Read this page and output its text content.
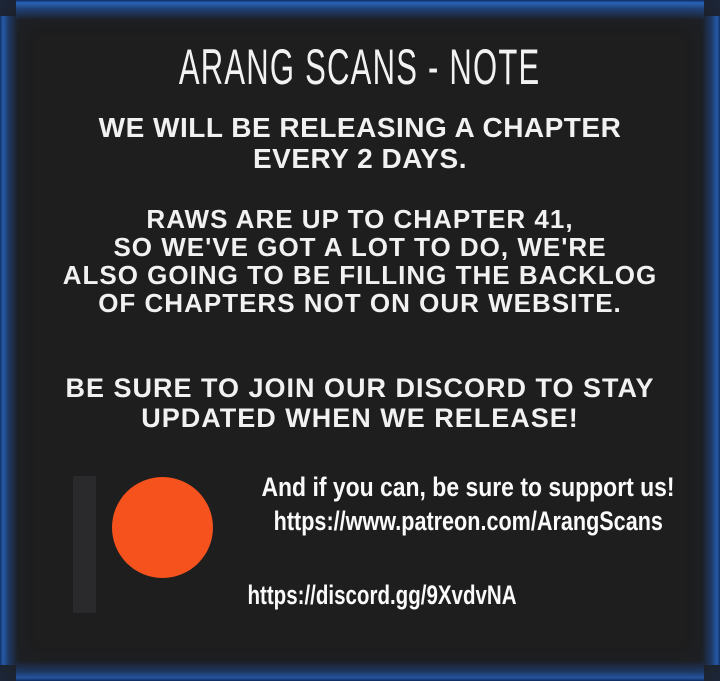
ARANG SCANS - NOTE
WE WILL BE RELEASING A CHAPTER
EVERY 2 DAYS.
RAWS ARE UP TO CHAPTER 41,
SO WE'VE GOT A LOT TO DO, WE'RE
ALSO GOING TO BE FILLING THE BACKLOG
OF CHAPTERS NOT ON OUR WEBSITE.
BE SURE TO JOIN OUR DISCORD TO STAY
UPDATED WHEN WE RELEASE!
And if you can, be sure to support us!
https://www.patreon.com/ArangScans
https://discord.gg/9XvdvNA
